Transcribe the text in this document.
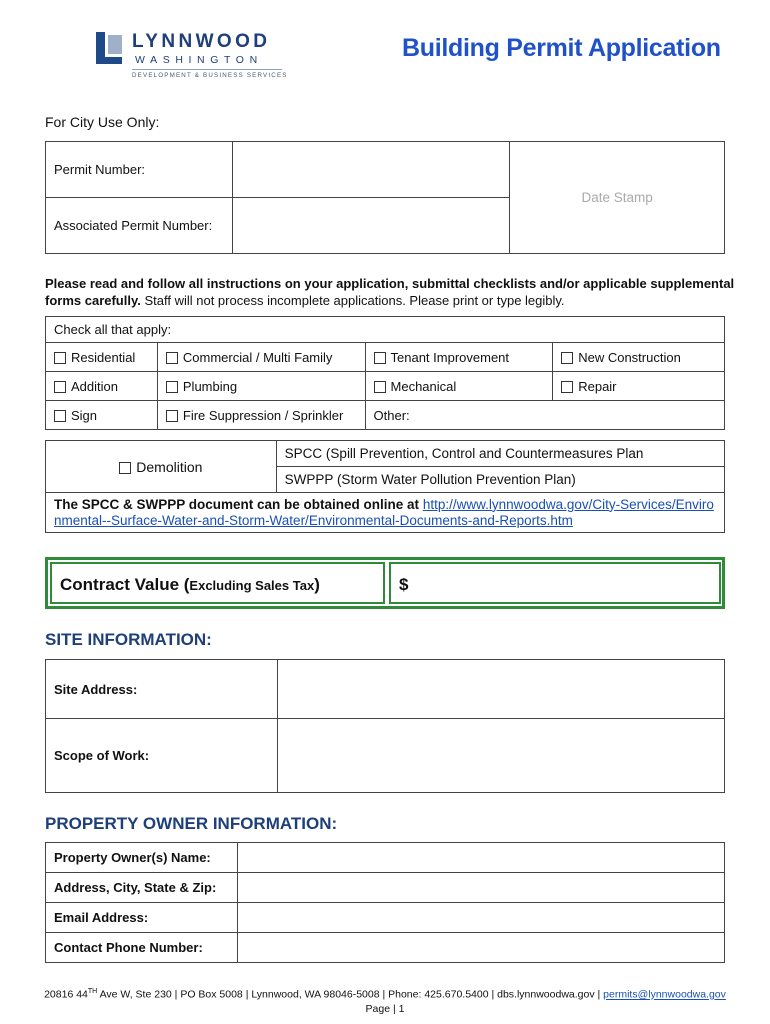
LYNNWOOD
WASHINGTON
DEVELOPMENT & BUSINESS SERVICES
Building Permit Application
For City Use Only:
Permit Number:		Date Stamp
Associated Permit Number:		
Please read and follow all instructions on your application, submittal checklists and/or applicable supplemental forms carefully. Staff will not process incomplete applications. Please print or type legibly.
Check all that apply:			
Residential	Commercial / Multi Family	Tenant Improvement	New Construction
Addition	Plumbing	Mechanical	Repair
Sign	Fire Suppression / Sprinkler	Other:	
Demolition	SPCC (Spill Prevention, Control and Countermeasures Plan
SWPPP (Storm Water Pollution Prevention Plan)
The SPCC & SWPPP document can be obtained online at http://www.lynnwoodwa.gov/City-Services/Environmental--Surface-Water-and-Storm-Water/Environmental-Documents-and-Reports.htm
Contract Value (Excluding Sales Tax)	$
SITE INFORMATION:
Site Address:	
Scope of Work:	
PROPERTY OWNER INFORMATION:
Property Owner(s) Name:	
Address, City, State & Zip:	
Email Address:	
Contact Phone Number:	
20816 44TH Ave W, Ste 230 | PO Box 5008 | Lynnwood, WA 98046-5008 | Phone: 425.670.5400 | dbs.lynnwoodwa.gov | permits@lynnwoodwa.gov
Page | 1
